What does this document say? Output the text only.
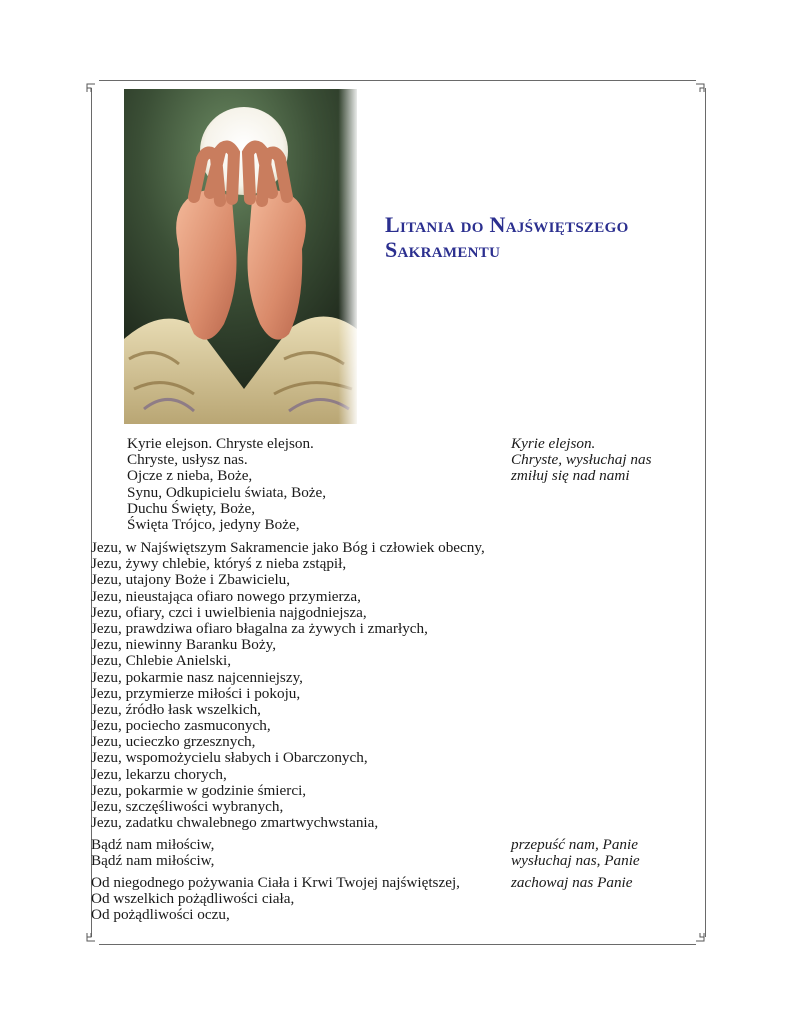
Litania do Najświętszego
Sakramentu
Kyrie elejson. Chryste elejson.
Chryste, usłysz nas.
Ojcze z nieba, Boże,
Synu, Odkupicielu świata, Boże,
Duchu Święty, Boże,
Święta Trójco, jedyny Boże,
Kyrie elejson.
Chryste, wysłuchaj nas
zmiłuj się nad nami
Jezu, w Najświętszym Sakramencie jako Bóg i człowiek obecny,
Jezu, żywy chlebie, któryś z nieba zstąpił,
Jezu, utajony Boże i Zbawicielu,
Jezu, nieustająca ofiaro nowego przymierza,
Jezu, ofiary, czci i uwielbienia najgodniejsza,
Jezu, prawdziwa ofiaro błagalna za żywych i zmarłych,
Jezu, niewinny Baranku Boży,
Jezu, Chlebie Anielski,
Jezu, pokarmie nasz najcenniejszy,
Jezu, przymierze miłości i pokoju,
Jezu, źródło łask wszelkich,
Jezu, pociecho zasmuconych,
Jezu, ucieczko grzesznych,
Jezu, wspomożycielu słabych i Obarczonych,
Jezu, lekarzu chorych,
Jezu, pokarmie w godzinie śmierci,
Jezu, szczęśliwości wybranych,
Jezu, zadatku chwalebnego zmartwychwstania,
Bądź nam miłościw,
Bądź nam miłościw,
przepuść nam, Panie
wysłuchaj nas, Panie
Od niegodnego pożywania Ciała i Krwi Twojej najświętszej,
Od wszelkich pożądliwości ciała,
Od pożądliwości oczu,
zachowaj nas Panie
